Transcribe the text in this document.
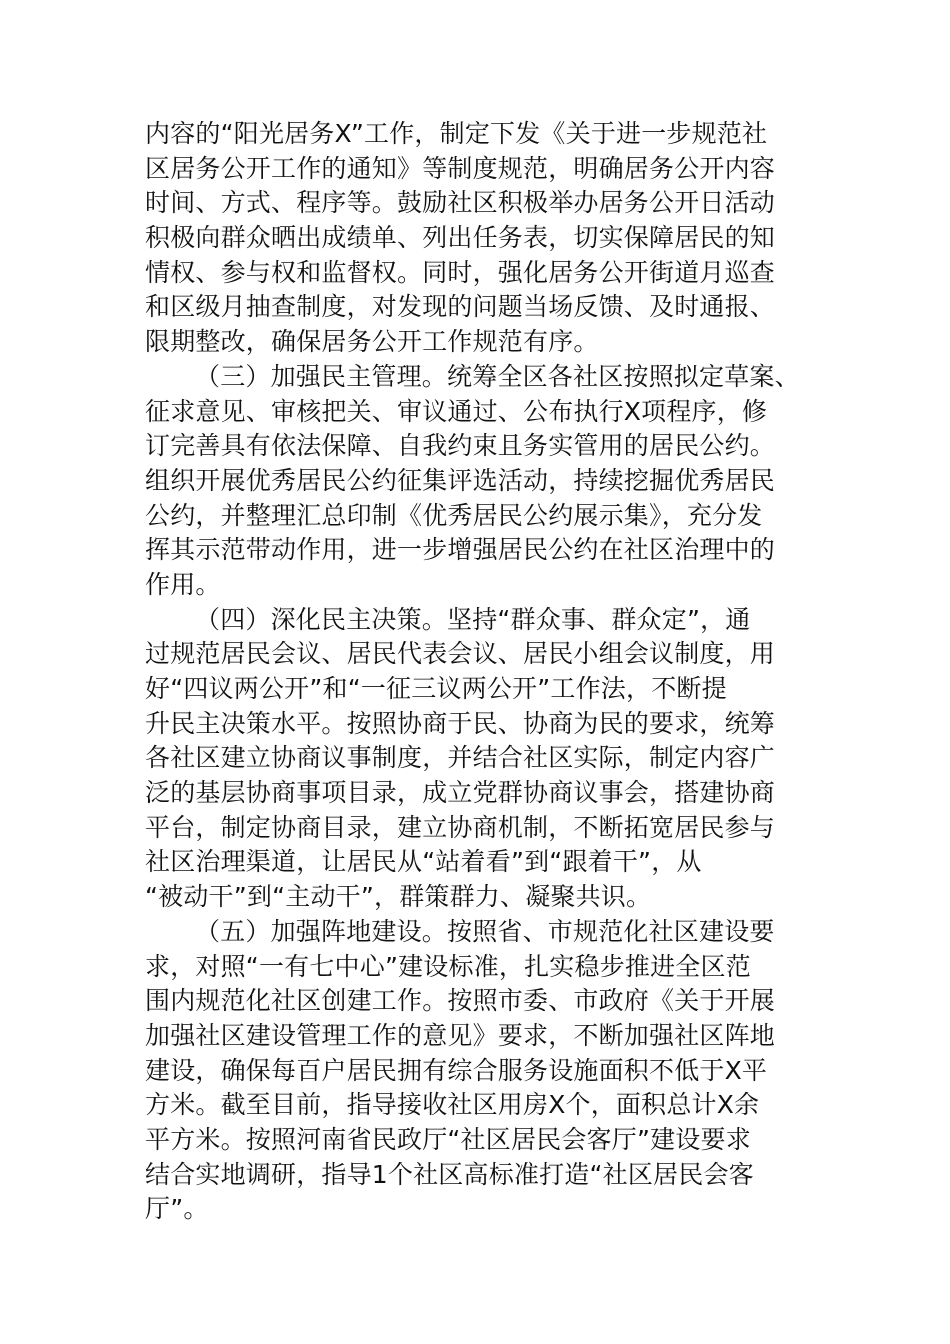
内容的“阳光居务X”工作，制定下发《关于进一步规范社
区居务公开工作的通知》等制度规范，明确居务公开内容
时间、方式、程序等。鼓励社区积极举办居务公开日活动
积极向群众晒出成绩单、列出任务表，切实保障居民的知
情权、参与权和监督权。同时，强化居务公开街道月巡查
和区级月抽查制度，对发现的问题当场反馈、及时通报、
限期整改，确保居务公开工作规范有序。
（三）加强民主管理。统筹全区各社区按照拟定草案、
征求意见、审核把关、审议通过、公布执行X项程序，修
订完善具有依法保障、自我约束且务实管用的居民公约。
组织开展优秀居民公约征集评选活动，持续挖掘优秀居民
公约，并整理汇总印制《优秀居民公约展示集》，充分发
挥其示范带动作用，进一步增强居民公约在社区治理中的
作用。
（四）深化民主决策。坚持“群众事、群众定”，通
过规范居民会议、居民代表会议、居民小组会议制度，用
好“四议两公开”和“一征三议两公开”工作法，不断提
升民主决策水平。按照协商于民、协商为民的要求，统筹
各社区建立协商议事制度，并结合社区实际，制定内容广
泛的基层协商事项目录，成立党群协商议事会，搭建协商
平台，制定协商目录，建立协商机制，不断拓宽居民参与
社区治理渠道，让居民从“站着看”到“跟着干”，从
“被动干”到“主动干”，群策群力、凝聚共识。
（五）加强阵地建设。按照省、市规范化社区建设要
求，对照“一有七中心”建设标准，扎实稳步推进全区范
围内规范化社区创建工作。按照市委、市政府《关于开展
加强社区建设管理工作的意见》要求，不断加强社区阵地
建设，确保每百户居民拥有综合服务设施面积不低于X平
方米。截至目前，指导接收社区用房X个，面积总计X余
平方米。按照河南省民政厅“社区居民会客厅”建设要求
结合实地调研，指导1个社区高标准打造“社区居民会客
厅”。
